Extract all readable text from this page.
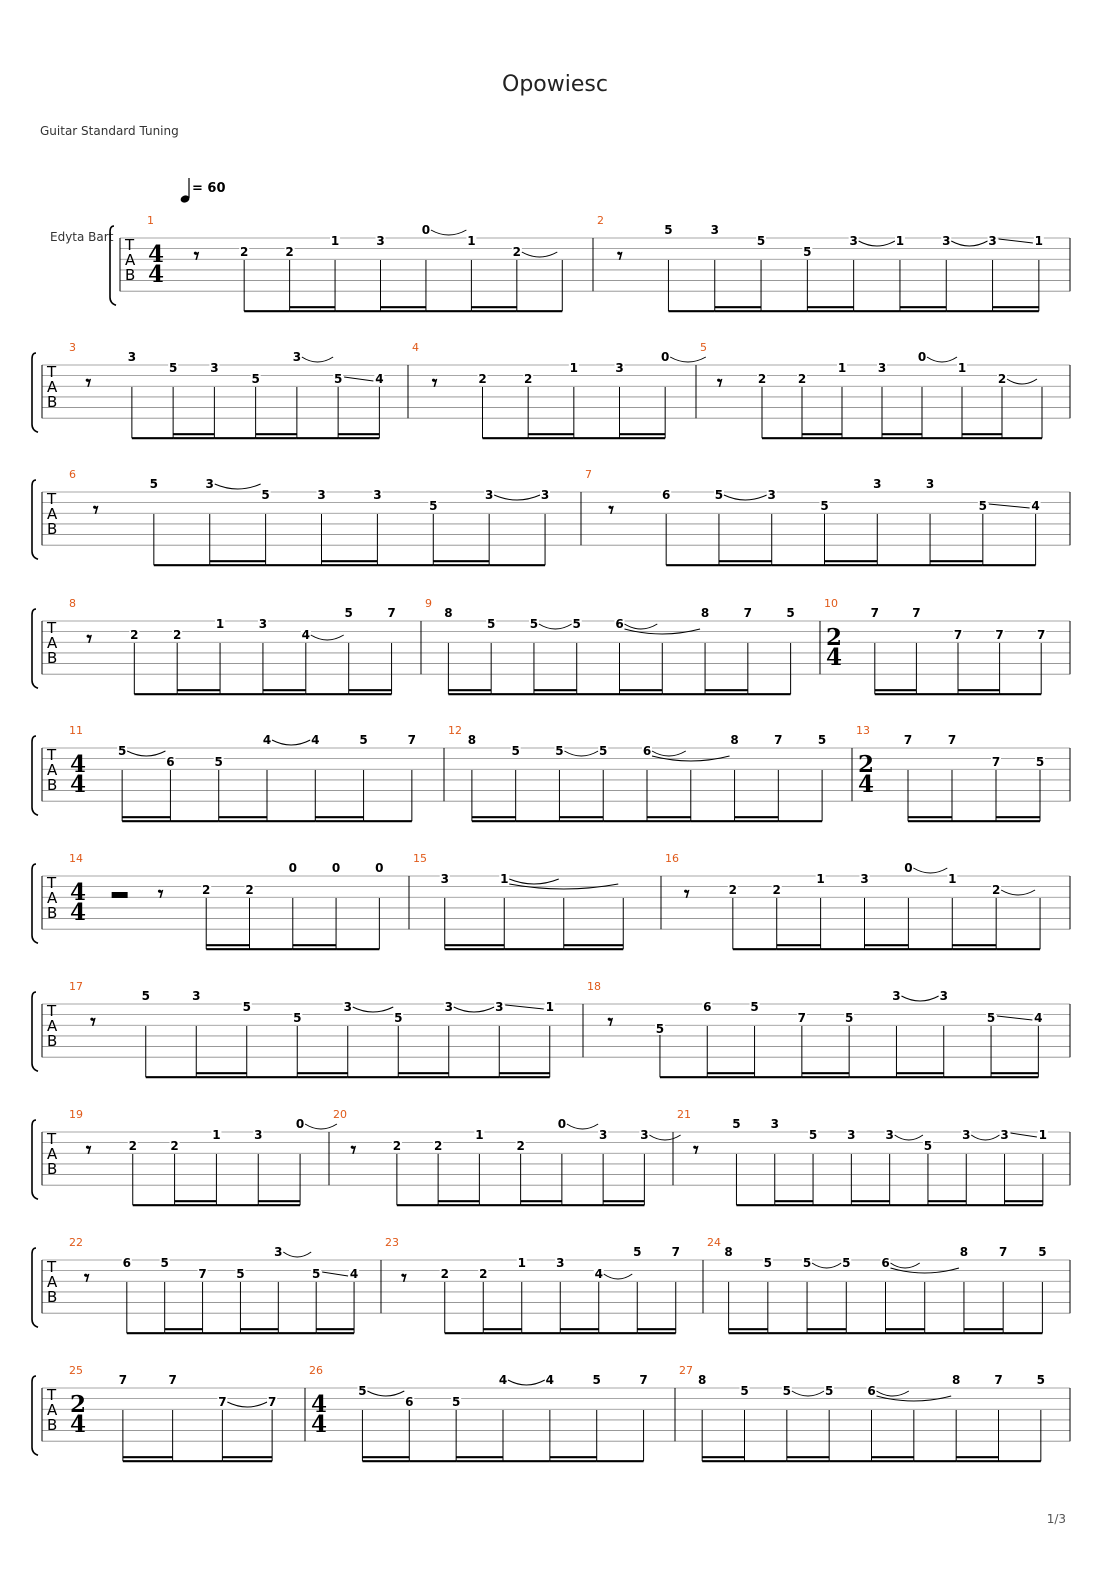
Opowiesc
Guitar Standard Tuning
= 60
Edyta Bart
1/3
T
A
B
1
4
4
𝄾	2	2
1	3
0
1
2
2
𝄾
5	3
5
5
3	1	3	3	1
T
A
B
3
𝄾
3
5	3
5
3
5	4
4
𝄾	2	2
1	3
0
5
𝄾	2	2
1	3
0
1
2
T
A
B
6
𝄾
5	3
5	3	3
5
3	3
7
𝄾
6	5	3
5
3	3
5	4
T
A
B
8
𝄾	2	2
1	3
4
5	7
9
8
5	5	5	6
8	7	5
10
2
4
7	7
7	7	7
T
A
B
11
4
4
5
6	5
4	4	5	7
12
8
5	5	5	6
8	7	5
13
2
4
7	7
7	5
T
A
B
14
4
4
𝄾	2	2
0	0	0
15
3	1
16
𝄾	2	2
1	3
0
1
2
T
A
B
17
𝄾
5	3
5
5
3
5
3	3	1
18
𝄾	5
6	5
7	5
3	3
5	4
T
A
B
19
𝄾	2	2
1	3
0
20
𝄾	2	2
1
2
0
3	3
21
𝄾
5 3
5 3 3
5
3 3 1
T
A
B
22
𝄾
6 5
7 5
3
5 4
23
𝄾	2	2
1	3
4
5	7
24
8
5	5	5	6
8	7	5
T
A
B
25
2
4
7	7
7	7
26
4
4
5
6	5
4	4	5	7
27
8
5	5	5	6
8	7	5
